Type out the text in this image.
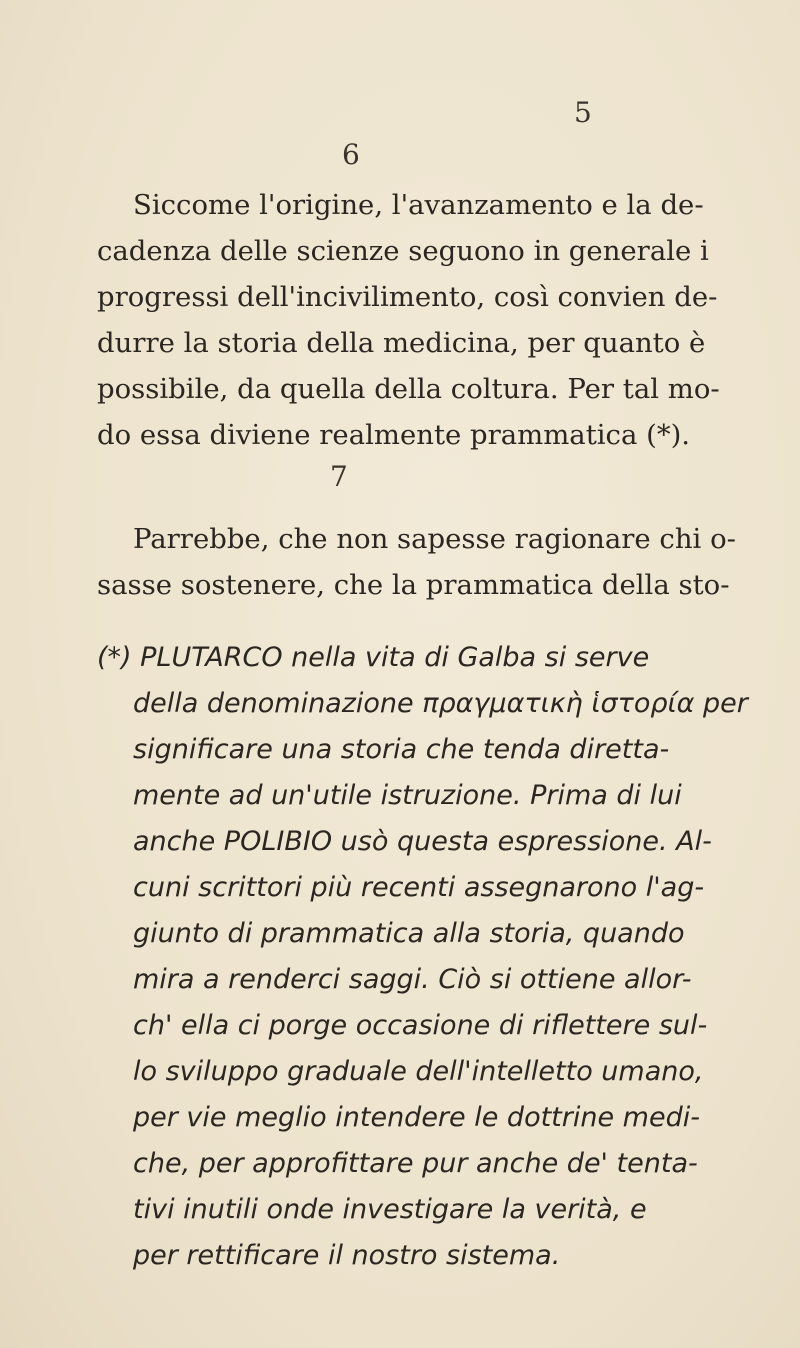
5
6

Siccome l'origine, l'avanzamento e la de-
cadenza delle scienze seguono in generale i
progressi dell'incivilimento, così convien de-
durre la storia della medicina, per quanto è
possibile, da quella della coltura. Per tal mo-
do essa diviene realmente prammatica (*).

7

Parrebbe, che non sapesse ragionare chi o-
sasse sostenere, che la prammatica della sto-

(*) PLUTARCO nella vita di Galba si serve
della denominazione πραγματικὴ ἱστορία per
significare una storia che tenda diretta-
mente ad un'utile istruzione. Prima di lui
anche POLIBIO usò questa espressione. Al-
cuni scrittori più recenti assegnarono l'ag-
giunto di prammatica alla storia, quando
mira a renderci saggi. Ciò si ottiene allor-
ch' ella ci porge occasione di riflettere sul-
lo sviluppo graduale dell'intelletto umano,
per vie meglio intendere le dottrine medi-
che, per approfittare pur anche de' tenta-
tivi inutili onde investigare la verità, e
per rettificare il nostro sistema.
